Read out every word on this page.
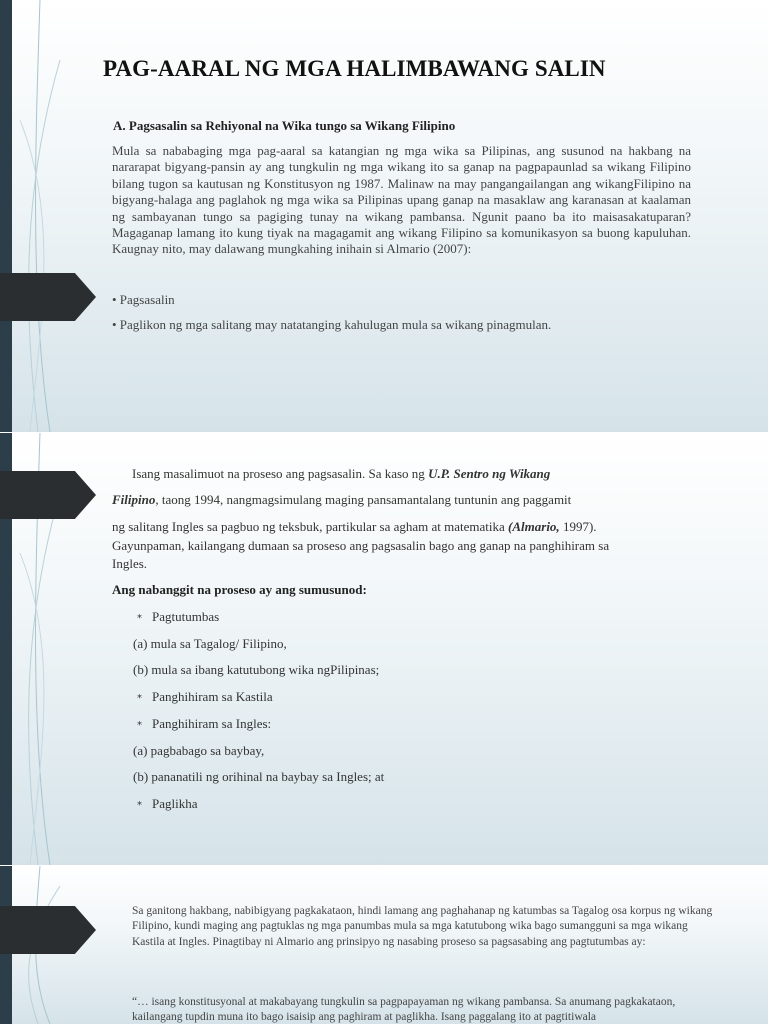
PAG-AARAL NG MGA HALIMBAWANG SALIN
A. Pagsasalin sa Rehiyonal na Wika tungo sa Wikang Filipino
Mula sa nababaging mga pag-aaral sa katangian ng mga wika sa Pilipinas, ang susunod na hakbang na nararapat bigyang-pansin ay ang tungkulin ng mga wikang ito sa ganap na pagpapaunlad sa wikang Filipino bilang tugon sa kautusan ng Konstitusyon ng 1987. Malinaw na may pangangailangan ang wikangFilipino na bigyang-halaga ang paglahok ng mga wika sa Pilipinas upang ganap na masaklaw ang karanasan at kaalaman ng sambayanan tungo sa pagiging tunay na wikang pambansa. Ngunit paano ba ito maisasakatuparan? Magaganap lamang ito kung tiyak na magagamit ang wikang Filipino sa komunikasyon sa buong kapuluhan. Kaugnay nito, may dalawang mungkahing inihain si Almario (2007):
• Pagsasalin
• Paglikon ng mga salitang may natatanging kahulugan mula sa wikang pinagmulan.
Isang masalimuot na proseso ang pagsasalin. Sa kaso ng U.P. Sentro ng Wikang
Filipino, taong 1994, nangmagsimulang maging pansamantalang tuntunin ang paggamit
ng salitang Ingles sa pagbuo ng teksbuk, partikular sa agham at matematika (Almario, 1997).
Gayunpaman, kailangang dumaan sa proseso ang pagsasalin bago ang ganap na panghihiram sa
Ingles.
Ang nabanggit na proseso ay ang sumusunod:
* Pagtutumbas
(a) mula sa Tagalog/ Filipino,
(b) mula sa ibang katutubong wika ngPilipinas;
* Panghihiram sa Kastila
* Panghihiram sa Ingles:
(a) pagbabago sa baybay,
(b) pananatili ng orihinal na baybay sa Ingles; at
* Paglikha
Sa ganitong hakbang, nabibigyang pagkakataon, hindi lamang ang paghahanap ng katumbas sa Tagalog osa korpus ng wikang Filipino, kundi maging ang pagtuklas ng mga panumbas mula sa mga katutubong wika bago sumangguni sa mga wikang Kastila at Ingles. Pinagtibay ni Almario ang prinsipyo ng nasabing proseso sa pagsasabing ang pagtutumbas ay:
“… isang konstitusyonal at makabayang tungkulin sa pagpapayaman ng wikang pambansa. Sa anumang pagkakataon, kailangang tupdin muna ito bago isaisip ang paghiram at paglikha. Isang paggalang ito at pagtitiwala
